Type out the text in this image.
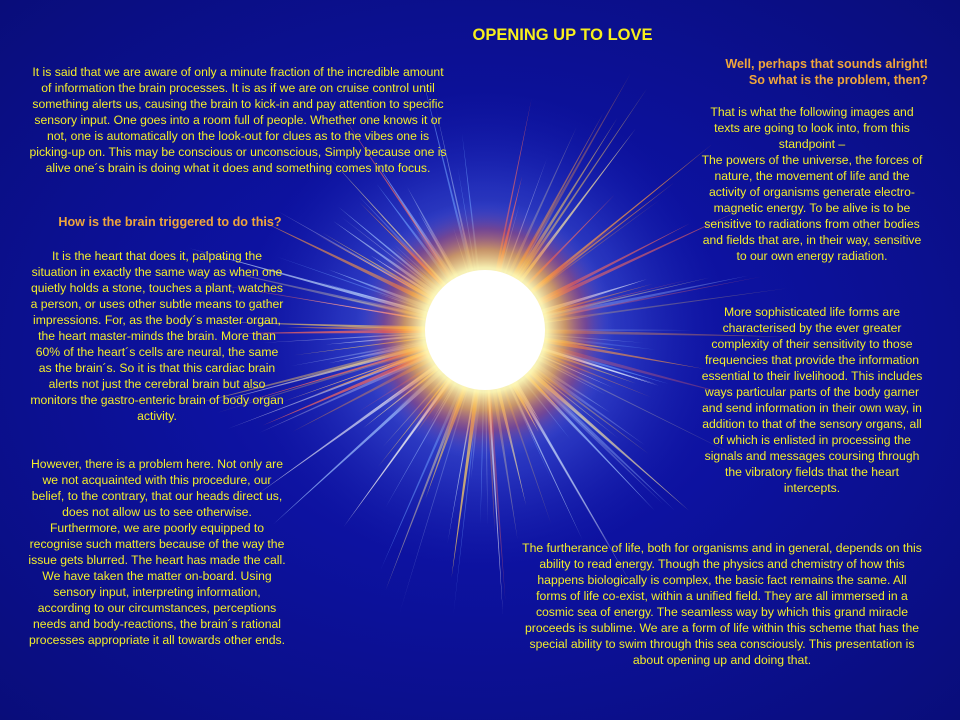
OPENING UP TO LOVE
It is said that we are aware of only a minute fraction of the incredible amount of information the brain processes. It is as if we are on cruise control until something alerts us, causing the brain to kick-in and pay attention to specific sensory input. One goes into a room full of people. Whether one knows it or not, one is automatically on the look-out for clues as to the vibes one is picking-up on. This may be conscious or unconscious, Simply because one is alive one´s brain is doing what it does and something comes into focus.
How is the brain triggered to do this?
It is the heart that does it, palpating the situation in exactly the same way as when one quietly holds a stone, touches a plant, watches a person, or uses other subtle means to gather impressions. For, as the body´s master organ, the heart master-minds the brain. More than 60% of the heart´s cells are neural, the same as the brain´s. So it is that this cardiac brain alerts not just the cerebral brain but also monitors the gastro-enteric brain of body organ activity.
However, there is a problem here. Not only are we not acquainted with this procedure, our belief, to the contrary, that our heads direct us, does not allow us to see otherwise. Furthermore, we are poorly equipped to recognise such matters because of the way the issue gets blurred. The heart has made the call. We have taken the matter on-board. Using sensory input, interpreting information, according to our circumstances, perceptions needs and body-reactions, the brain´s rational processes appropriate it all towards other ends.
Well, perhaps that sounds alright!
So what is the problem, then?
That is what the following images and texts are going to look into, from this standpoint –
The powers of the universe, the forces of nature, the movement of life and the activity of organisms generate electro-magnetic energy. To be alive is to be sensitive to radiations from other bodies and fields that are, in their way, sensitive to our own energy radiation.
More sophisticated life forms are characterised by the ever greater complexity of their sensitivity to those frequencies that provide the information essential to their livelihood. This includes ways particular parts of the body garner and send information in their own way, in addition to that of the sensory organs, all of which is enlisted in processing the signals and messages coursing through the vibratory fields that the heart intercepts.
The furtherance of life, both for organisms and in general, depends on this ability to read energy. Though the physics and chemistry of how this happens biologically is complex, the basic fact remains the same. All forms of life co-exist, within a unified field. They are all immersed in a cosmic sea of energy. The seamless way by which this grand miracle proceeds is sublime. We are a form of life within this scheme that has the special ability to swim through this sea consciously. This presentation is about opening up and doing that.
